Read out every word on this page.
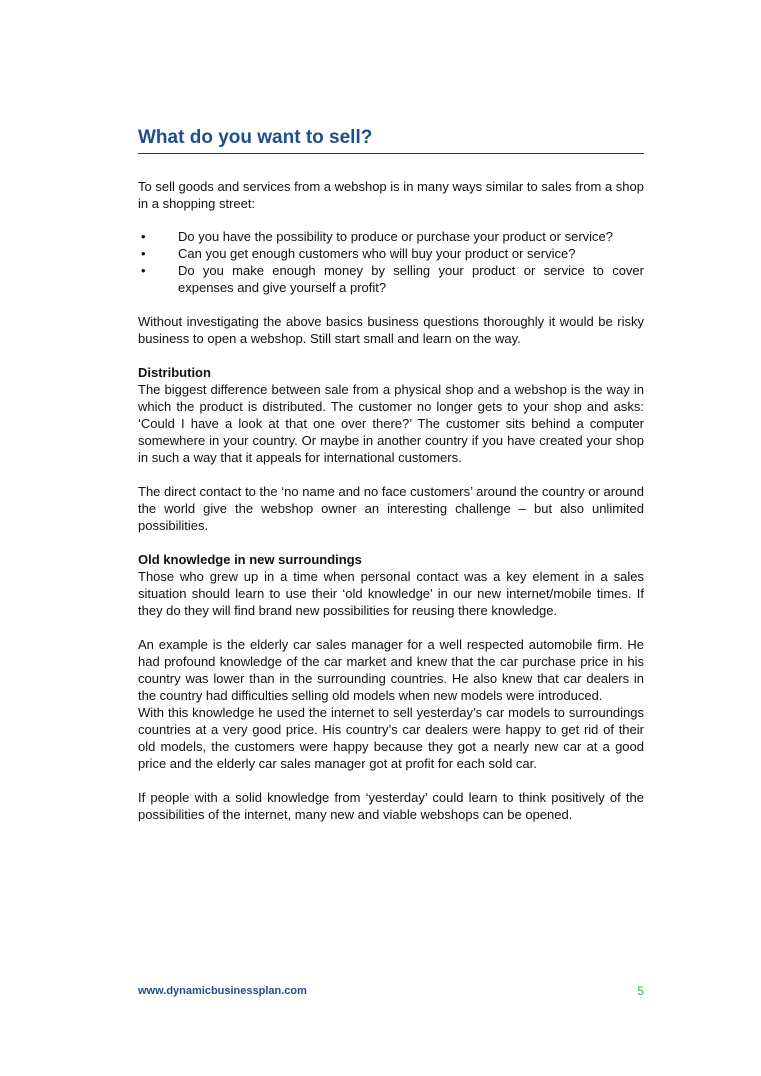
What do you want to sell?

To sell goods and services from a webshop is in many ways similar to sales from a shop in a shopping street:

• Do you have the possibility to produce or purchase your product or service?
• Can you get enough customers who will buy your product or service?
• Do you make enough money by selling your product or service to cover expenses and give yourself a profit?

Without investigating the above basics business questions thoroughly it would be risky business to open a webshop. Still start small and learn on the way.

Distribution

The biggest difference between sale from a physical shop and a webshop is the way in which the product is distributed. The customer no longer gets to your shop and asks: ‘Could I have a look at that one over there?’ The customer sits behind a computer somewhere in your country. Or maybe in another country if you have created your shop in such a way that it appeals for international customers.

The direct contact to the ‘no name and no face customers’ around the country or around the world give the webshop owner an interesting challenge – but also unlimited possibilities.

Old knowledge in new surroundings

Those who grew up in a time when personal contact was a key element in a sales situation should learn to use their ‘old knowledge’ in our new internet/mobile times. If they do they will find brand new possibilities for reusing there knowledge.

An example is the elderly car sales manager for a well respected automobile firm. He had profound knowledge of the car market and knew that the car purchase price in his country was lower than in the surrounding countries. He also knew that car dealers in the country had difficulties selling old models when new models were introduced.

With this knowledge he used the internet to sell yesterday’s car models to surroundings countries at a very good price. His country’s car dealers were happy to get rid of their old models, the customers were happy because they got a nearly new car at a good price and the elderly car sales manager got at profit for each sold car.

If people with a solid knowledge from ‘yesterday’ could learn to think positively of the possibilities of the internet, many new and viable webshops can be opened.

www.dynamicbusinessplan.com	5
